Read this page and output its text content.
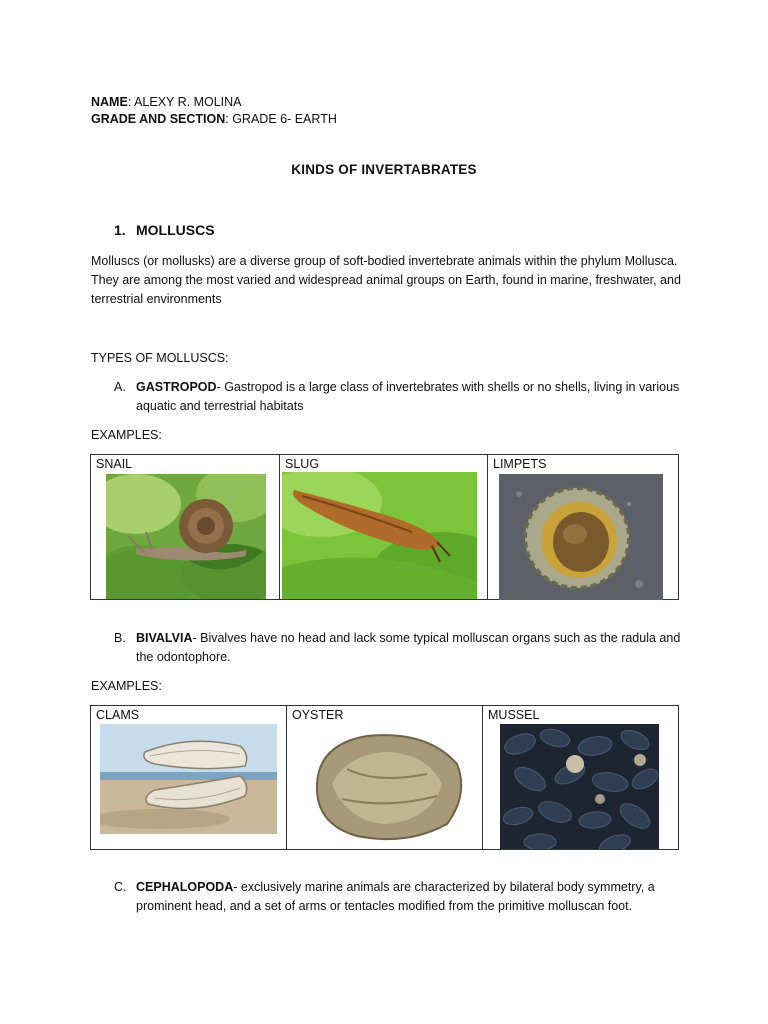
NAME: ALEXY R. MOLINA
GRADE AND SECTION: GRADE 6- EARTH
KINDS OF INVERTABRATES
1. MOLLUSCS
Molluscs (or mollusks) are a diverse group of soft-bodied invertebrate animals within the phylum Mollusca. They are among the most varied and widespread animal groups on Earth, found in marine, freshwater, and terrestrial environments
TYPES OF MOLLUSCS:
A. GASTROPOD- Gastropod is a large class of invertebrates with shells or no shells, living in various aquatic and terrestrial habitats
EXAMPLES:
SNAIL	SLUG	LIMPETS
B. BIVALVIA- Bivalves have no head and lack some typical molluscan organs such as the radula and the odontophore.
EXAMPLES:
CLAMS	OYSTER	MUSSEL
C. CEPHALOPODA- exclusively marine animals are characterized by bilateral body symmetry, a prominent head, and a set of arms or tentacles modified from the primitive molluscan foot.
